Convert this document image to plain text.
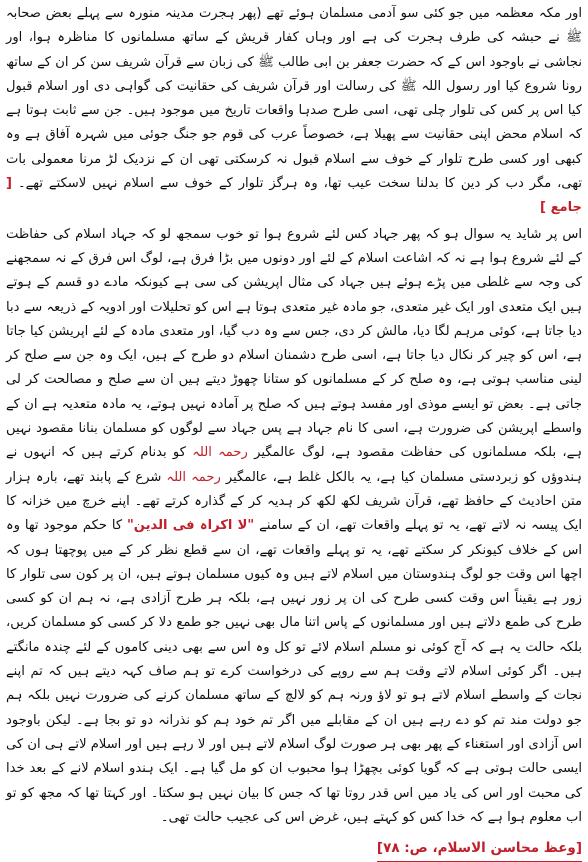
اور مکہ معظمہ میں جو کئی سو آدمی مسلمان ہوئے تھے (پھر ہجرت مدینہ منورہ سے پہلے بعض صحابہ ﷺ نے حبشہ کی طرف ہجرت کی ہے اور وہاں کفار قریش کے ساتھ مسلمانوں کا مناظرہ ہوا، اور نجاشی نے باوجود اس کے کہ حضرت جعفر بن ابی طالب ﷺ کی زبان سے قرآن شریف سن کر ان کے ساتھ رونا شروع کیا اور رسول اللہ ﷺ کی رسالت اور قرآن شریف کی حقانیت کی گواہی دی اور اسلام قبول کیا اس پر کس کی تلوار چلی تھی، اسی طرح صدہا واقعات تاریخ میں موجود ہیں۔ جن سے ثابت ہوتا ہے کہ اسلام محض اپنی حقانیت سے پھیلا ہے، خصوصاً عرب کی قوم جو جنگ جوئی میں شہرہ آفاق ہے وہ کبھی اور کسی طرح تلوار کے خوف سے اسلام قبول نہ کرسکتی تھی ان کے نزدیک لڑ مرنا معمولی بات تھی، مگر دب کر دین کا بدلنا سخت عیب تھا، وہ ہرگز تلوار کے خوف سے اسلام نہیں لاسکتے تھے۔ [ جامع ]

اس پر شاید یہ سوال ہو کہ پھر جہاد کس لئے شروع ہوا تو خوب سمجھ لو کہ جہاد اسلام کی حفاظت کے لئے شروع ہوا ہے نہ کہ اشاعت اسلام کے لئے اور دونوں میں بڑا فرق ہے، لوگ اس فرق کے نہ سمجھنے کی وجہ سے غلطی میں پڑے ہوئے ہیں جہاد کی مثال اپریشن کی سی ہے کیونکہ مادے دو قسم کے ہوتے ہیں ایک متعدی اور ایک غیر متعدی، جو مادہ غیر متعدی ہوتا ہے اس کو تحلیلات اور ادویہ کے ذریعہ سے دبا دیا جاتا ہے، کوئی مرہم لگا دیا، مالش کر دی، جس سے وہ دب گیا، اور متعدی مادہ کے لئے اپریشن کیا جاتا ہے، اس کو چیر کر نکال دیا جاتا ہے، اسی طرح دشمنان اسلام دو طرح کے ہیں، ایک وہ جن سے صلح کر لینی مناسب ہوتی ہے، وہ صلح کر کے مسلمانوں کو ستانا چھوڑ دیتے ہیں ان سے صلح و مصالحت کر لی جاتی ہے۔ بعض تو ایسے موذی اور مفسد ہوتے ہیں کہ صلح پر آمادہ نہیں ہوتے، یہ مادہ متعدیہ ہے ان کے واسطے اپریشن کی ضرورت ہے، اسی کا نام جہاد ہے پس جہاد سے لوگوں کو مسلمان بنانا مقصود نہیں ہے، بلکہ مسلمانوں کی حفاظت مقصود ہے، لوگ عالمگیر رحمہ اللہ کو بدنام کرتے ہیں کہ انہوں نے ہندوؤں کو زبردستی مسلمان کیا ہے، یہ بالکل غلط ہے، عالمگیر رحمہ اللہ شرع کے پابند تھے، بارہ ہزار متن احادیث کے حافظ تھے، قرآن شریف لکھ لکھ کر ہدیہ کر کے گذارہ کرتے تھے۔ اپنے خرچ میں خزانہ کا ایک پیسہ نہ لاتے تھے، یہ تو پہلے واقعات تھے، ان کے سامنے "لا اکراہ فی الدین" کا حکم موجود تھا وہ اس کے خلاف کیونکر کر سکتے تھے، یہ تو پہلے واقعات تھے، ان سے قطع نظر کر کے میں پوچھتا ہوں کہ اچھا اس وقت جو لوگ ہندوستان میں اسلام لاتے ہیں وہ کیوں مسلمان ہوتے ہیں، ان پر کون سی تلوار کا زور ہے یقیناً اس وقت کسی طرح کی ان پر زور نہیں ہے، بلکہ ہر طرح آزادی ہے، نہ ہم ان کو کسی طرح کی طمع دلاتے ہیں اور مسلمانوں کے پاس اتنا مال بھی نہیں جو طمع دلا کر کسی کو مسلمان کریں، بلکہ حالت یہ ہے کہ آج کوئی نو مسلم اسلام لائے تو کل وہ اس سے بھی دینی کاموں کے لئے چندہ مانگتے ہیں۔ اگر کوئی اسلام لاتے وقت ہم سے روپے کی درخواست کرے تو ہم صاف کہہ دیتے ہیں کہ تم اپنے نجات کے واسطے اسلام لاتے ہو تو لاؤ ورنہ ہم کو لالچ کے ساتھ مسلمان کرنے کی ضرورت نہیں بلکہ ہم جو دولت مند تم کو دے رہے ہیں ان کے مقابلے میں اگر تم خود ہم کو نذرانہ دو تو بجا ہے۔ لیکن باوجود اس آزادی اور استغناء کے پھر بھی ہر صورت لوگ اسلام لاتے ہیں اور لا رہے ہیں اور اسلام لاتے ہی ان کی ایسی حالت ہوتی ہے کہ گویا کوئی بچھڑا ہوا محبوب ان کو مل گیا ہے۔ ایک ہندو اسلام لانے کے بعد خدا کی محبت اور اس کی یاد میں اس قدر روتا تھا کہ جس کا بیان نہیں ہو سکتا۔ اور کہتا تھا کہ مجھ کو تو اب معلوم ہوا ہے کہ خدا کس کو کہتے ہیں، غرض اس کی عجیب حالت تھی۔

[وعظ محاسن الاسلام، ص: ۷۸]
